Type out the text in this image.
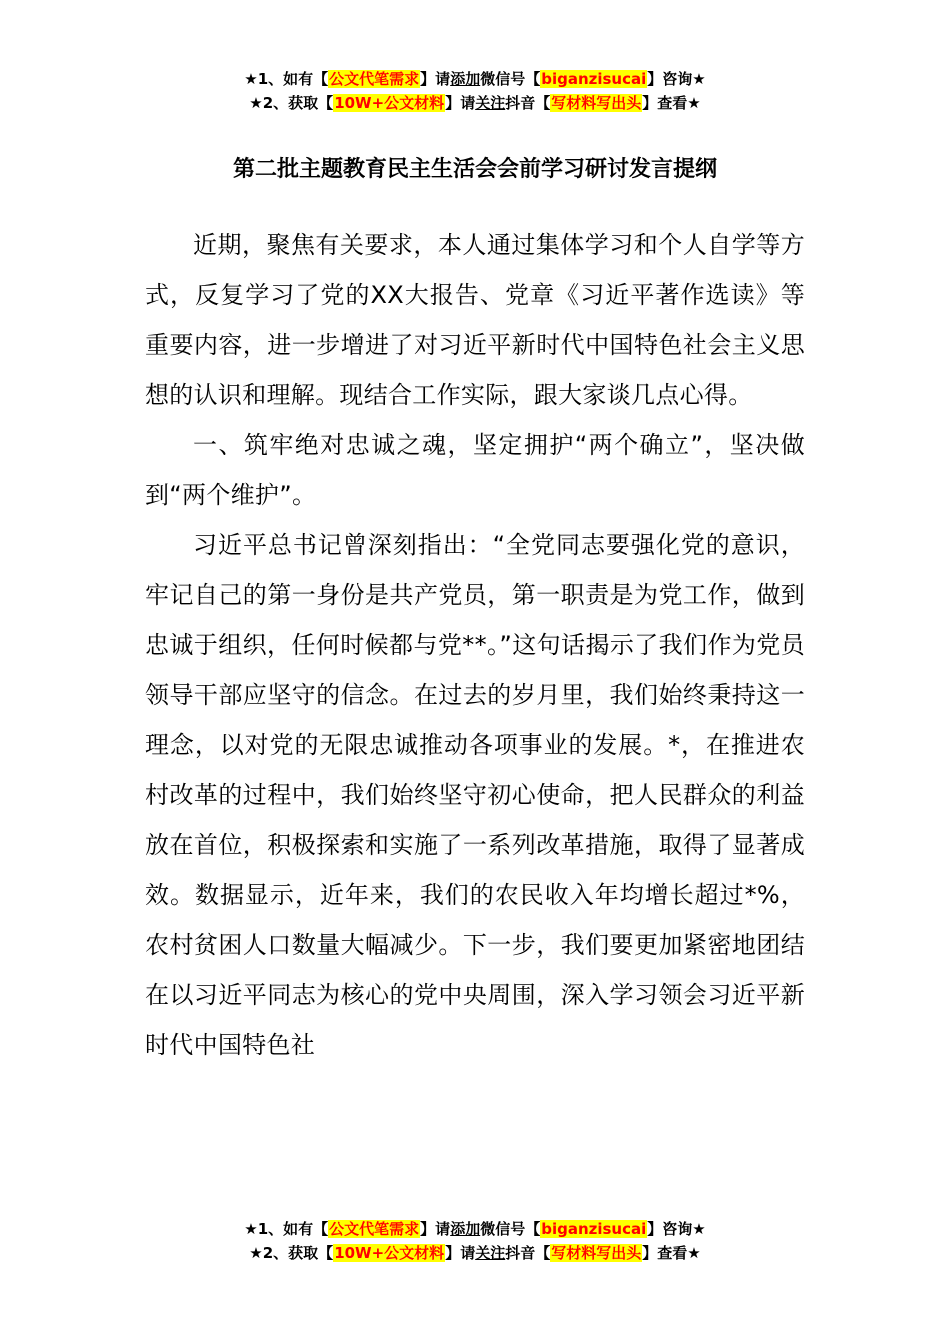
★1、如有【公文代笔需求】请添加微信号【biganzisucai】咨询★
★2、获取【10W+公文材料】请关注抖音【写材料写出头】查看★
第二批主题教育民主生活会会前学习研讨发言提纲

近期，聚焦有关要求，本人通过集体学习和个人自学等方式，反复学习了党的XX大报告、党章《习近平著作选读》等重要内容，进一步增进了对习近平新时代中国特色社会主义思想的认识和理解。现结合工作实际，跟大家谈几点心得。

一、筑牢绝对忠诚之魂，坚定拥护“两个确立”，坚决做到“两个维护”。

习近平总书记曾深刻指出：“全党同志要强化党的意识，牢记自己的第一身份是共产党员，第一职责是为党工作，做到忠诚于组织，任何时候都与党**。”这句话揭示了我们作为党员领导干部应坚守的信念。在过去的岁月里，我们始终秉持这一理念，以对党的无限忠诚推动各项事业的发展。*，在推进农村改革的过程中，我们始终坚守初心使命，把人民群众的利益放在首位，积极探索和实施了一系列改革措施，取得了显著成效。数据显示，近年来，我们的农民收入年均增长超过*%，农村贫困人口数量大幅减少。下一步，我们要更加紧密地团结在以习近平同志为核心的党中央周围，深入学习领会习近平新时代中国特色社

★1、如有【公文代笔需求】请添加微信号【biganzisucai】咨询★
★2、获取【10W+公文材料】请关注抖音【写材料写出头】查看★
